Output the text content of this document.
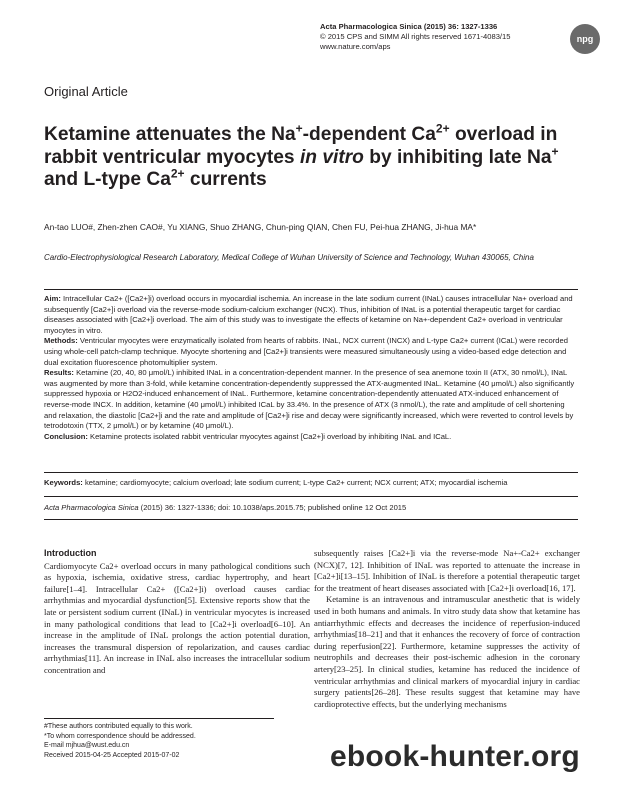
Acta Pharmacologica Sinica (2015) 36: 1327-1336
© 2015 CPS and SIMM All rights reserved 1671-4083/15
www.nature.com/aps
npg
Original Article
Ketamine attenuates the Na+-dependent $Ca^{2+}$ overload in rabbit ventricular myocytes in vitro by inhibiting late Na+ and L-type $Ca^{2+}$ currents
An-tao LUO#, Zhen-zhen CAO#, Yu XIANG, Shuo ZHANG, Chun-ping QIAN, Chen FU, Pei-hua ZHANG, Ji-hua MA*
Cardio-Electrophysiological Research Laboratory, Medical College of Wuhan University of Science and Technology, Wuhan 430065, China

Aim: Intracellular Ca2+ ([Ca2+]i) overload occurs in myocardial ischemia. An increase in the late sodium current (INaL) causes intracellular Na+ overload and subsequently [Ca2+]i overload via the reverse-mode sodium-calcium exchanger (NCX). Thus, inhibition of INaL is a potential therapeutic target for cardiac diseases associated with [Ca2+]i overload. The aim of this study was to investigate the effects of ketamine on Na+-dependent Ca2+ overload in ventricular myocytes in vitro.

Methods: Ventricular myocytes were enzymatically isolated from hearts of rabbits. INaL, NCX current (INCX) and L-type Ca2+ current (ICaL) were recorded using whole-cell patch-clamp technique. Myocyte shortening and [Ca2+]i transients were measured simultaneously using a video-based edge detection and dual excitation fluorescence photomultiplier system.

Results: Ketamine (20, 40, 80 μmol/L) inhibited INaL in a concentration-dependent manner. In the presence of sea anemone toxin II (ATX, 30 nmol/L), INaL was augmented by more than 3-fold, while ketamine concentration-dependently suppressed the ATX-augmented INaL. Ketamine (40 μmol/L) also significantly suppressed hypoxia or H2O2-induced enhancement of INaL. Furthermore, ketamine concentration-dependently attenuated ATX-induced enhancement of reverse-mode INCX. In addition, ketamine (40 μmol/L) inhibited ICaL by 33.4%. In the presence of ATX (3 nmol/L), the rate and amplitude of cell shortening and relaxation, the diastolic [Ca2+]i and the rate and amplitude of [Ca2+]i rise and decay were significantly increased, which were reverted to control levels by tetrodotoxin (TTX, 2 μmol/L) or by ketamine (40 μmol/L).

Conclusion: Ketamine protects isolated rabbit ventricular myocytes against [Ca2+]i overload by inhibiting INaL and ICaL.

Keywords: ketamine; cardiomyocyte; calcium overload; late sodium current; L-type Ca2+ current; NCX current; ATX; myocardial ischemia
Acta Pharmacologica Sinica (2015) 36: 1327-1336; doi: 10.1038/aps.2015.75; published online 12 Oct 2015
Introduction

Cardiomyocyte Ca2+ overload occurs in many pathological conditions such as hypoxia, ischemia, oxidative stress, cardiac hypertrophy, and heart failure[1–4]. Intracellular Ca2+ ([Ca2+]i) overload causes cardiac arrhythmias and myocardial dysfunction[5]. Extensive reports show that the late or persistent sodium current (INaL) in ventricular myocytes is increased in many pathological conditions that lead to [Ca2+]i overload[6–10]. An increase in the amplitude of INaL prolongs the action potential duration, increases the transmural dispersion of repolarization, and causes cardiac arrhythmias[11]. An increase in INaL also increases the intracellular sodium concentration and

subsequently raises [Ca2+]i via the reverse-mode Na+-Ca2+ exchanger (NCX)[7, 12]. Inhibition of INaL was reported to attenuate the increase in [Ca2+]i[13–15]. Inhibition of INaL is therefore a potential therapeutic target for the treatment of heart diseases associated with [Ca2+]i overload[16, 17].

Ketamine is an intravenous and intramuscular anesthetic that is widely used in both humans and animals. In vitro study data show that ketamine has antiarrhythmic effects and decreases the incidence of reperfusion-induced arrhythmias[18–21] and that it enhances the recovery of force of contraction during reperfusion[22]. Furthermore, ketamine suppresses the activity of neutrophils and decreases their post-ischemic adhesion in the coronary artery[23–25]. In clinical studies, ketamine has reduced the incidence of ventricular arrhythmias and clinical markers of myocardial injury in cardiac surgery patients[26–28]. These results suggest that ketamine may have cardioprotective effects, but the underlying mechanisms

#These authors contributed equally to this work.

*To whom correspondence should be addressed.

E-mail mjhua@wust.edu.cn

Received 2015-04-25 Accepted 2015-07-02	ebook-hunter.org
